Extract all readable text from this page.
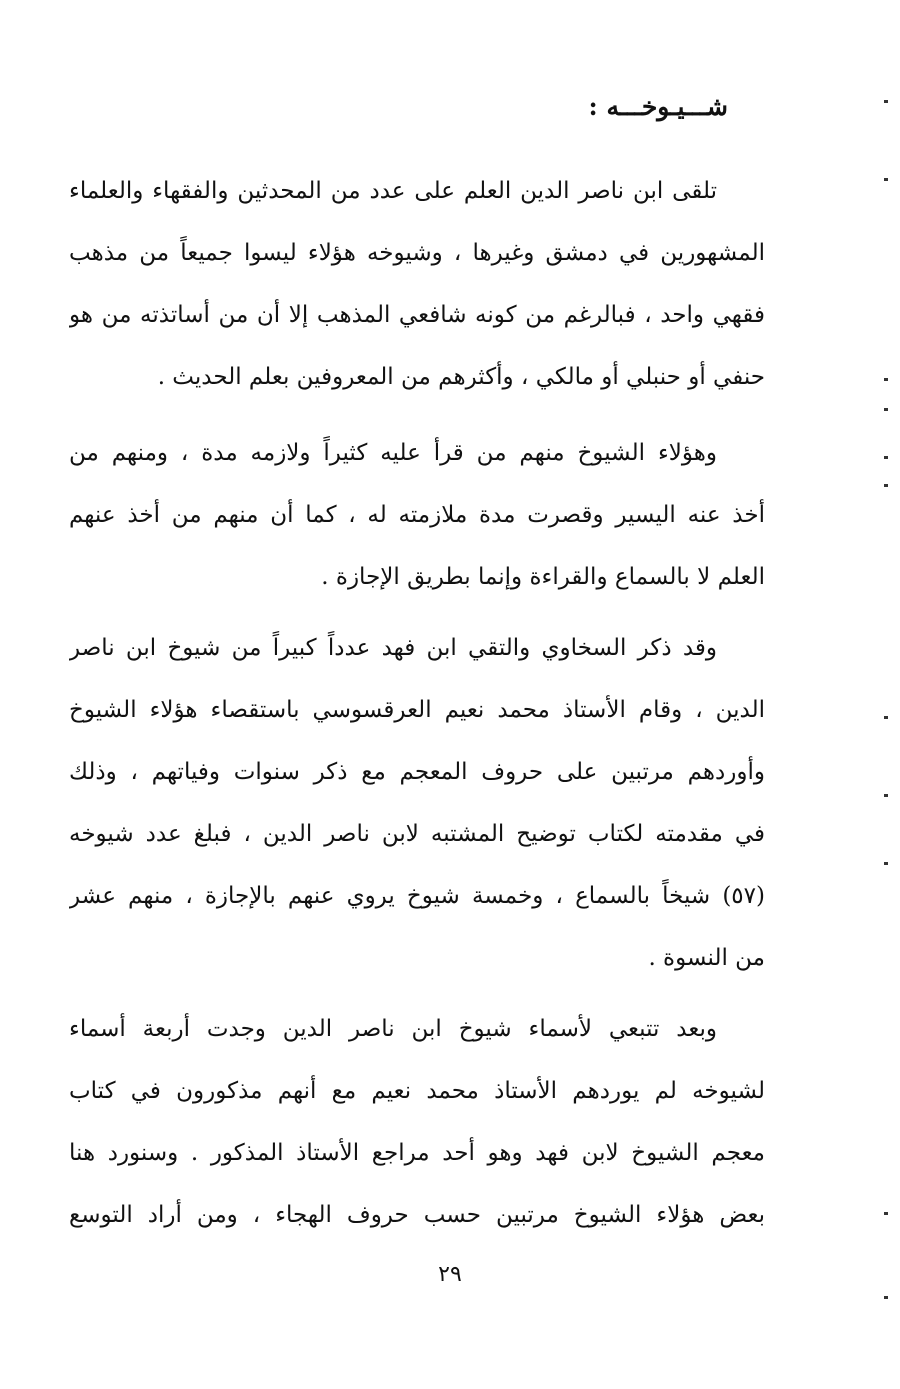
شـــيـوخـــه :

تلقى ابن ناصر الدين العلم على عدد من المحدثين والفقهاء والعلماء
المشهورين في دمشق وغيرها ، وشيوخه هؤلاء ليسوا جميعاً من مذهب
فقهي واحد ، فبالرغم من كونه شافعي المذهب إلا أن من أساتذته من هو
حنفي أو حنبلي أو مالكي ، وأكثرهم من المعروفين بعلم الحديث .

وهؤلاء الشيوخ منهم من قرأ عليه كثيراً ولازمه مدة ، ومنهم من
أخذ عنه اليسير وقصرت مدة ملازمته له ، كما أن منهم من أخذ عنهم
العلم لا بالسماع والقراءة وإنما بطريق الإجازة .

وقد ذكر السخاوي والتقي ابن فهد عدداً كبيراً من شيوخ ابن ناصر
الدين ، وقام الأستاذ محمد نعيم العرقسوسي باستقصاء هؤلاء الشيوخ
وأوردهم مرتبين على حروف المعجم مع ذكر سنوات وفياتهم ، وذلك
في مقدمته لكتاب توضيح المشتبه لابن ناصر الدين ، فبلغ عدد شيوخه
(٥٧) شيخاً بالسماع ، وخمسة شيوخ يروي عنهم بالإجازة ، منهم عشر
من النسوة .

وبعد تتبعي لأسماء شيوخ ابن ناصر الدين وجدت أربعة أسماء
لشيوخه لم يوردهم الأستاذ محمد نعيم مع أنهم مذكورون في كتاب
معجم الشيوخ لابن فهد وهو أحد مراجع الأستاذ المذكور . وسنورد هنا
بعض هؤلاء الشيوخ مرتبين حسب حروف الهجاء ، ومن أراد التوسع

٢٩
